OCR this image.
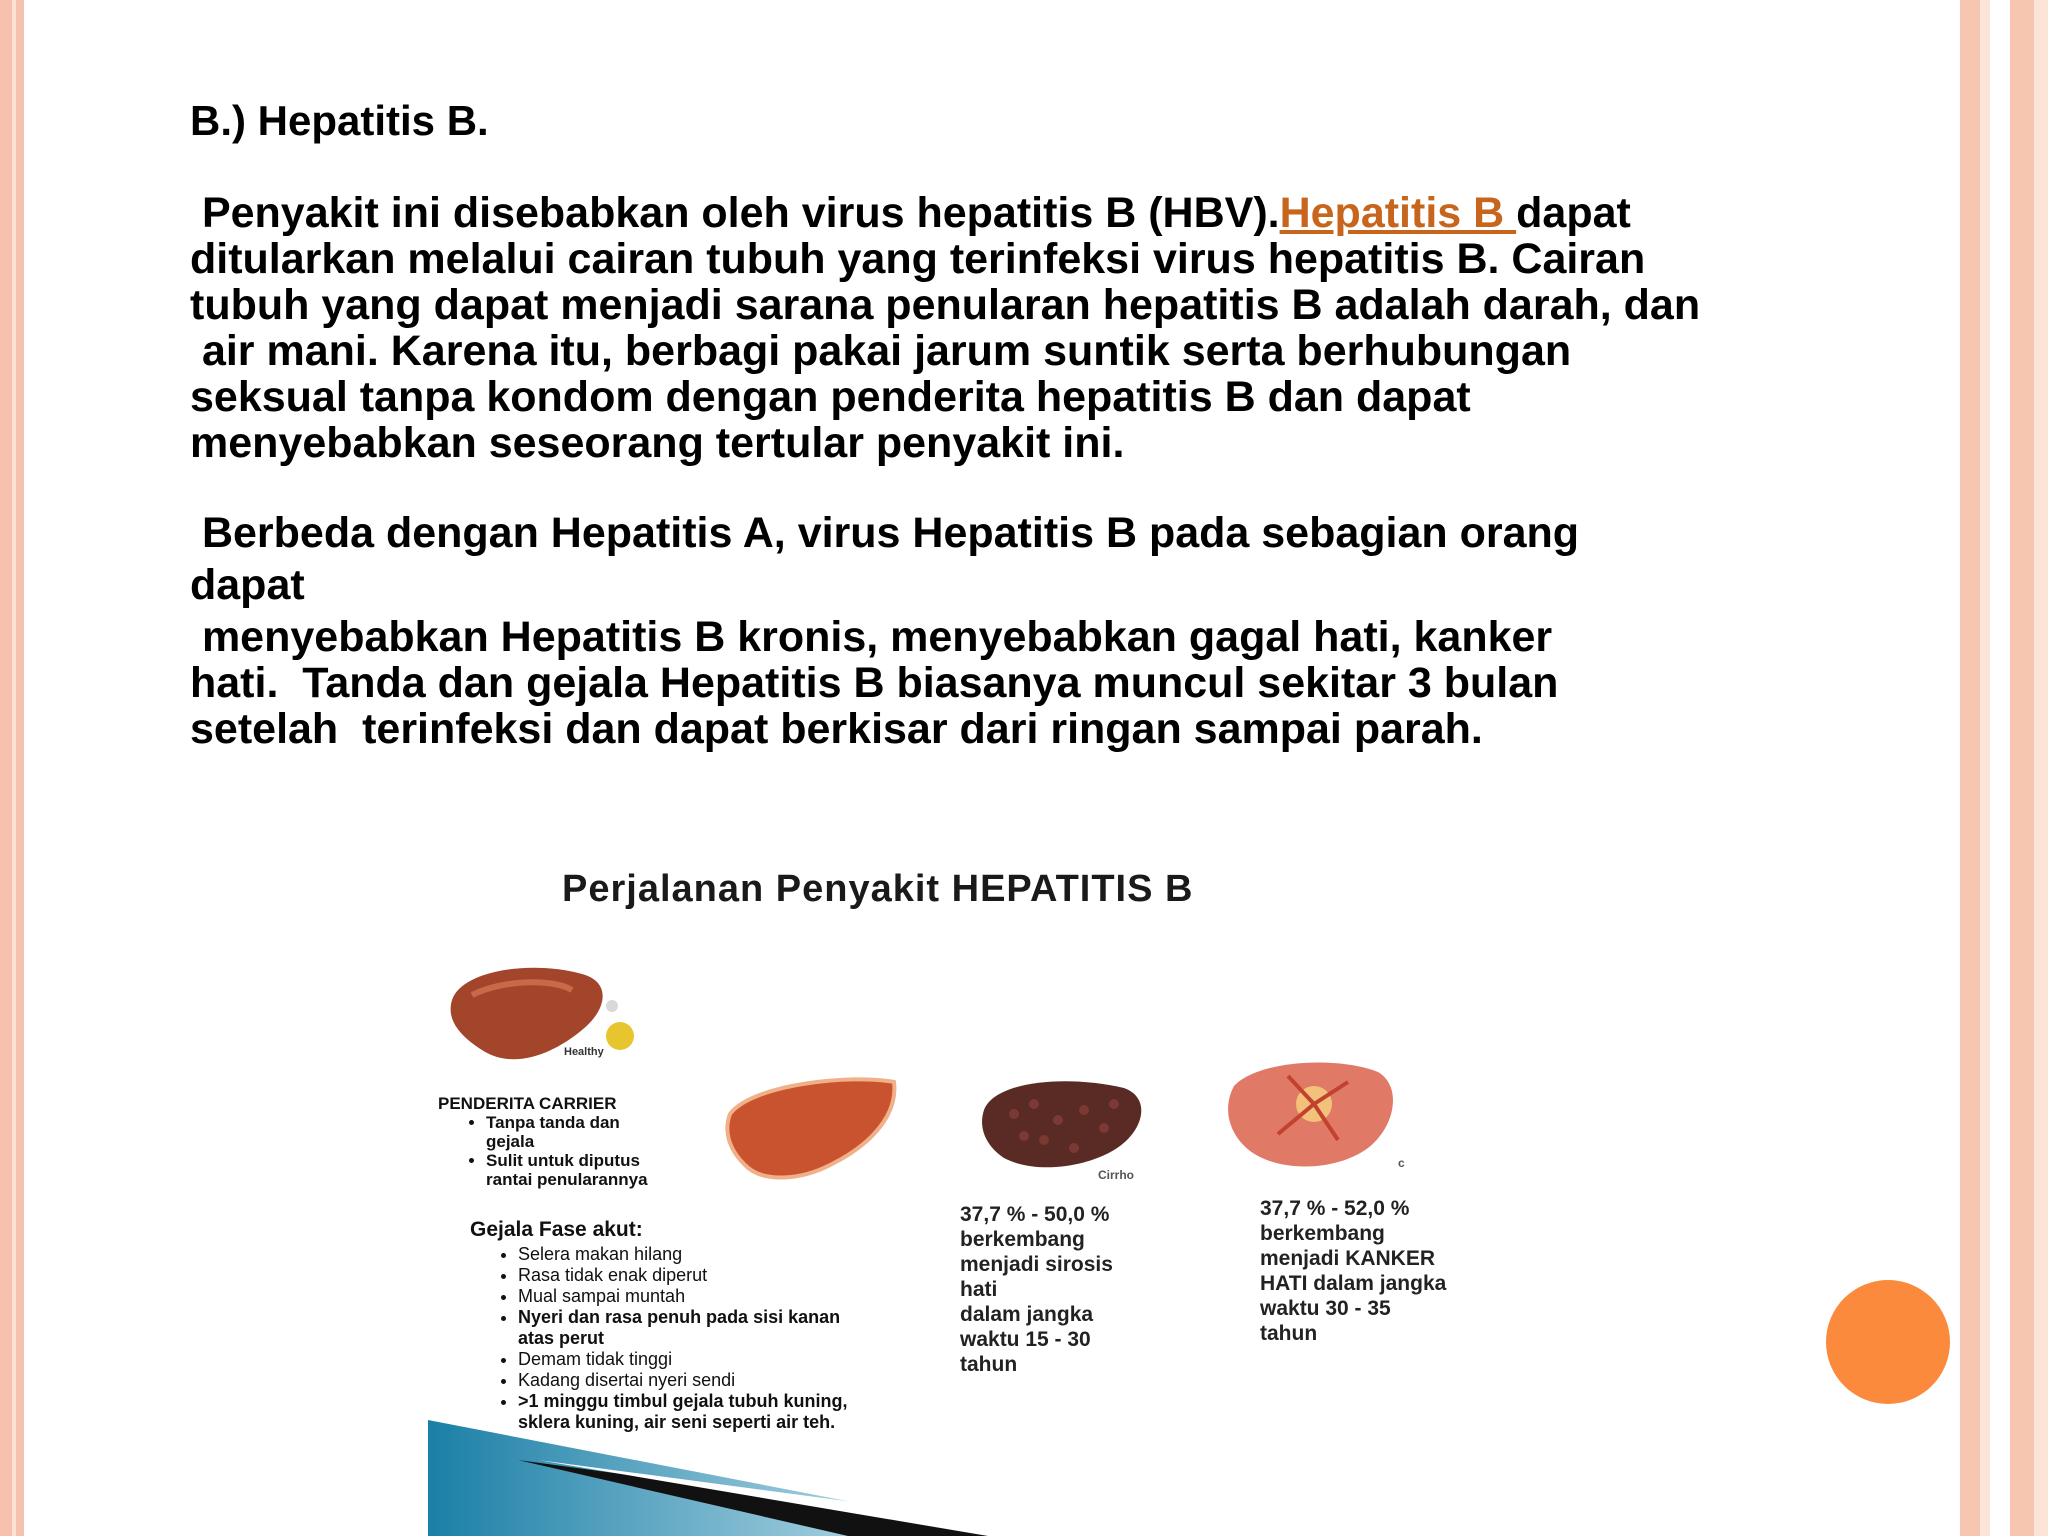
B.) Hepatitis B.

Penyakit ini disebabkan oleh virus hepatitis B (HBV).Hepatitis B dapat
ditularkan melalui cairan tubuh yang terinfeksi virus hepatitis B. Cairan
tubuh yang dapat menjadi sarana penularan hepatitis B adalah darah, dan
air mani. Karena itu, berbagi pakai jarum suntik serta berhubungan
seksual tanpa kondom dengan penderita hepatitis B dan dapat
menyebabkan seseorang tertular penyakit ini.

Berbeda dengan Hepatitis A, virus Hepatitis B pada sebagian orang
dapat
menyebabkan Hepatitis B kronis, menyebabkan gagal hati, kanker
hati.  Tanda dan gejala Hepatitis B biasanya muncul sekitar 3 bulan
setelah  terinfeksi dan dapat berkisar dari ringan sampai parah.

Perjalanan Penyakit HEPATITIS B
Healthy
PENDERITA CARRIER
• Tanpa tanda dan gejala
• Sulit untuk diputus rantai penularannya	Cirrho
c
Gejala Fase akut:
• Selera makan hilang
• Rasa tidak enak diperut
• Mual sampai muntah
• Nyeri dan rasa penuh pada sisi kanan atas perut
• Demam tidak tinggi
• Kadang disertai nyeri sendi
• >1 minggu timbul gejala tubuh kuning, sklera kuning, air seni seperti air teh.
37,7 % - 50,0 %
berkembang
menjadi sirosis
hati
dalam jangka
waktu 15 - 30
tahun
37,7 % - 52,0 %
berkembang
menjadi KANKER
HATI dalam jangka
waktu 30 - 35
tahun
